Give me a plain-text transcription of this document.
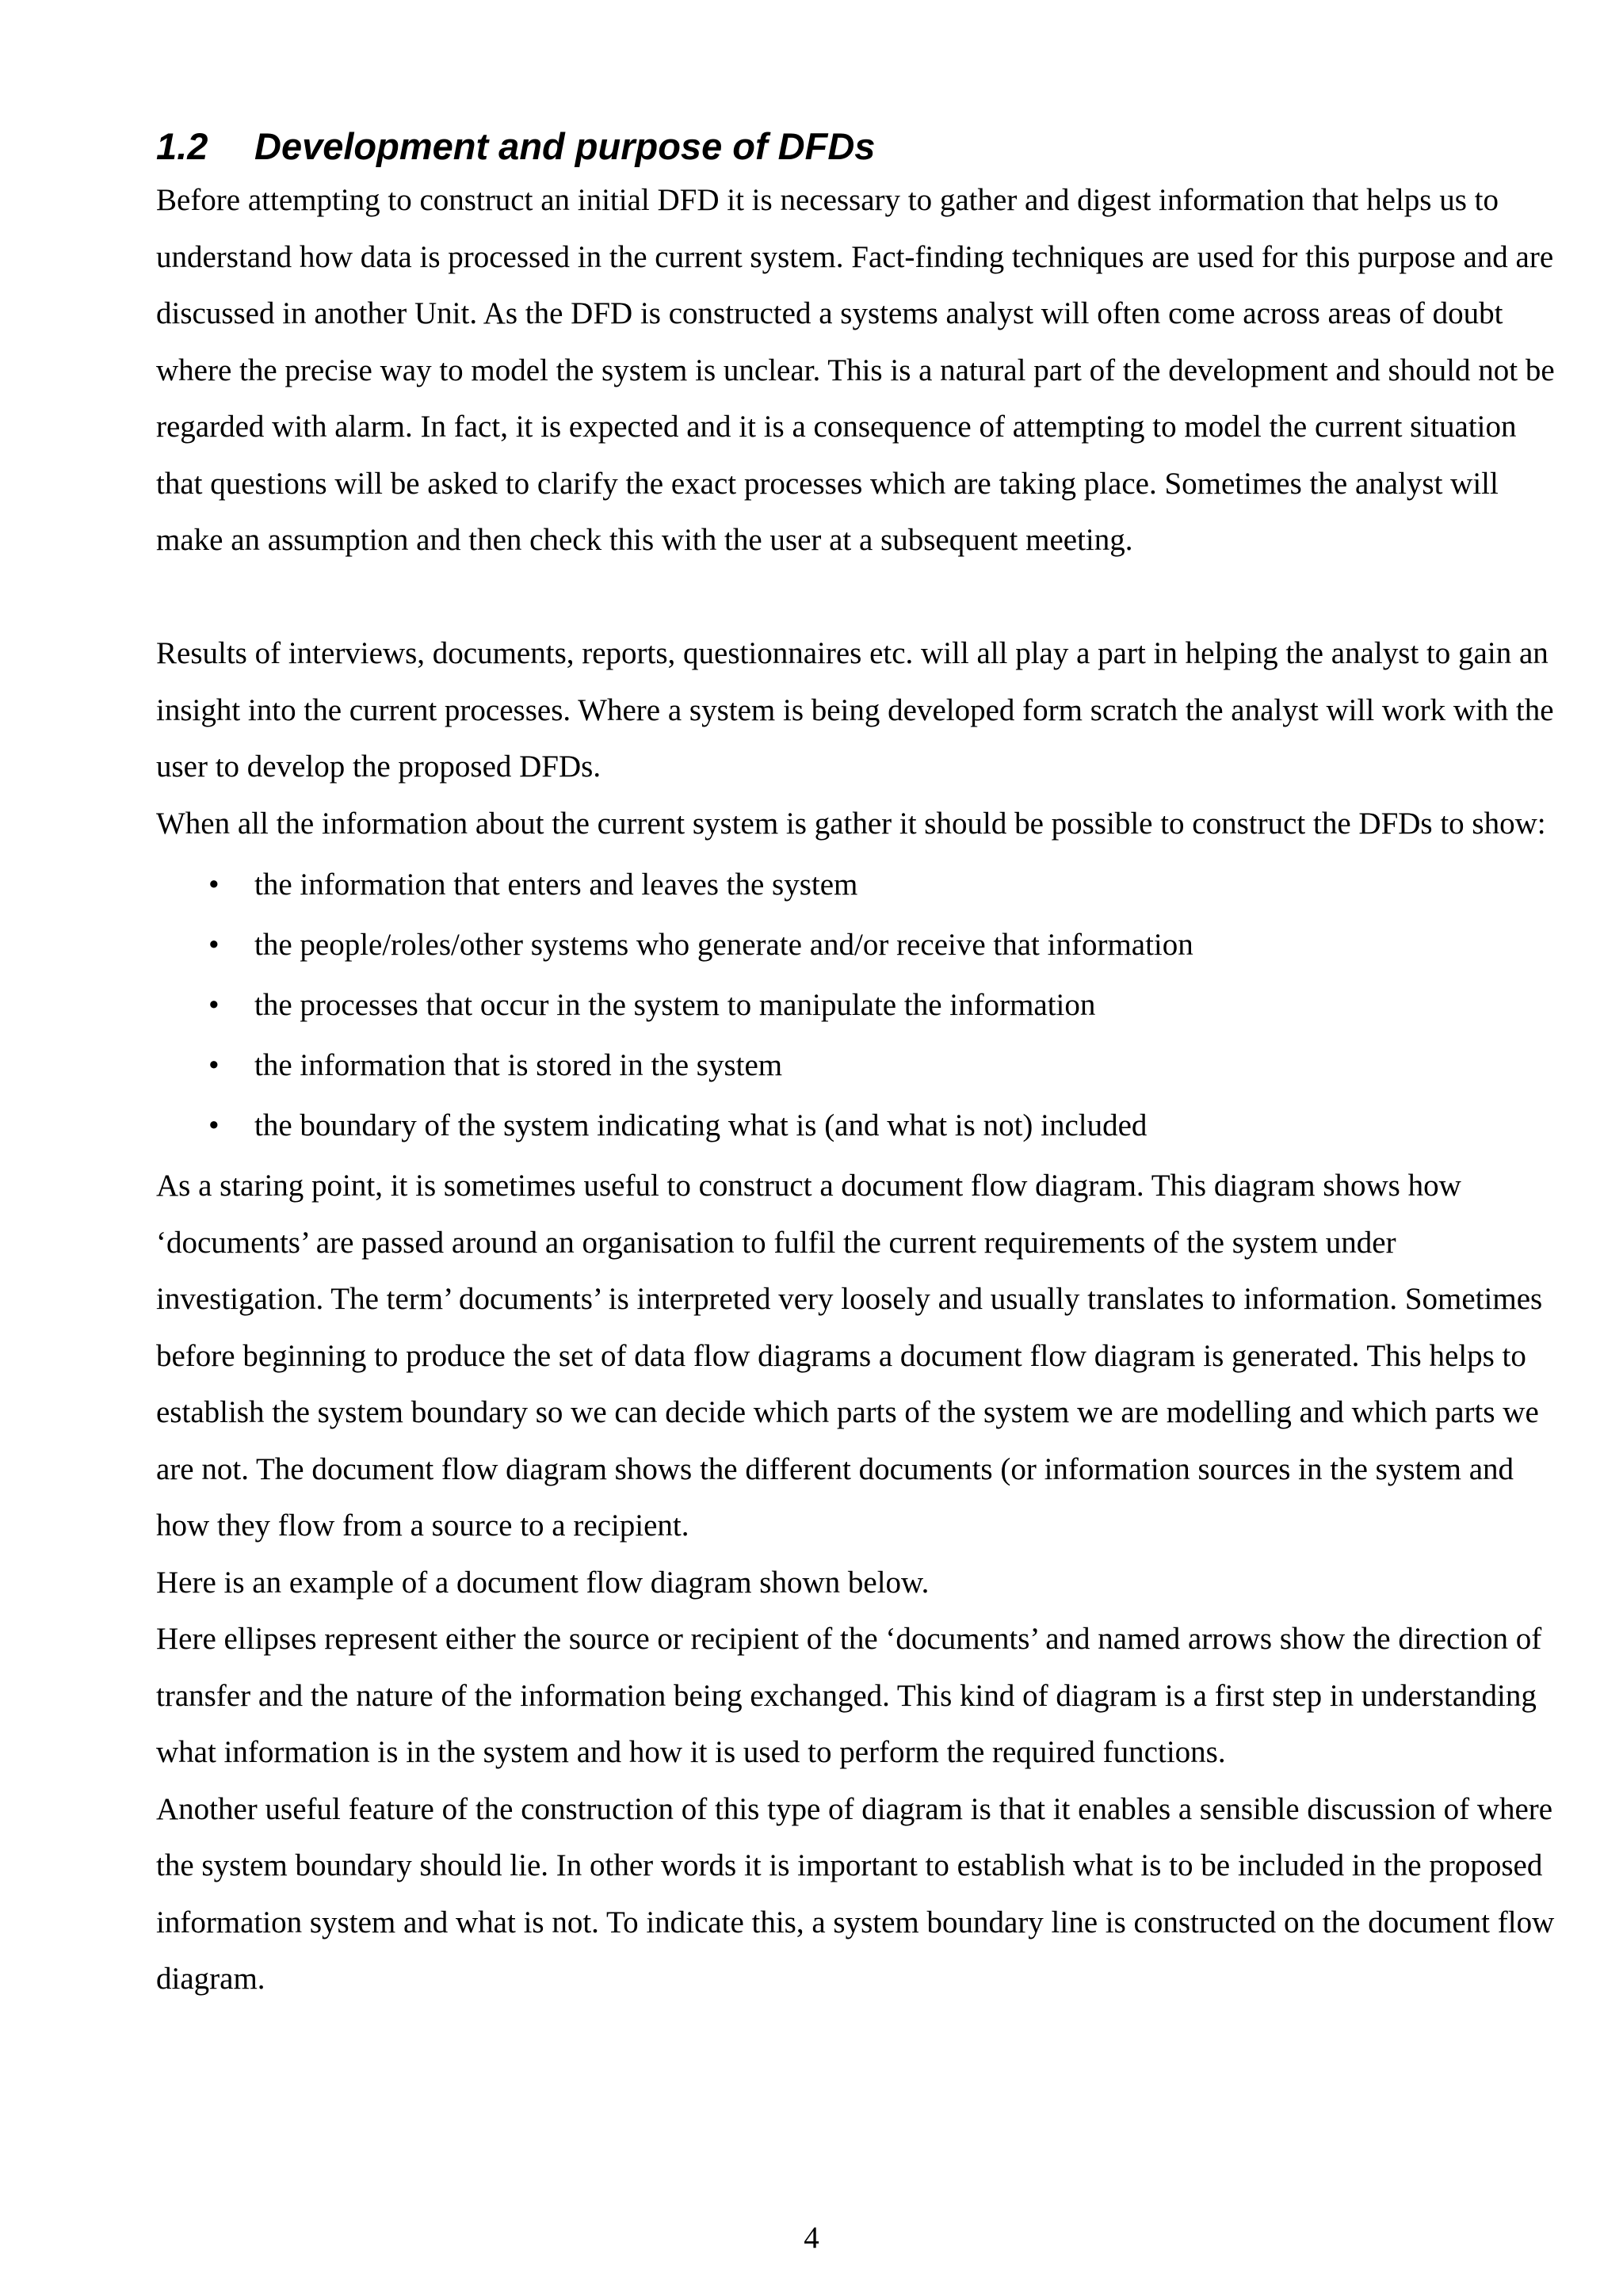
1.2 Development and purpose of DFDs

Before attempting to construct an initial DFD it is necessary to gather and digest information that helps us to understand how data is processed in the current system. Fact-finding techniques are used for this purpose and are discussed in another Unit. As the DFD is constructed a systems analyst will often come across areas of doubt where the precise way to model the system is unclear. This is a natural part of the development and should not be regarded with alarm. In fact, it is expected and it is a consequence of attempting to model the current situation that questions will be asked to clarify the exact processes which are taking place. Sometimes the analyst will make an assumption and then check this with the user at a subsequent meeting.

Results of interviews, documents, reports, questionnaires etc. will all play a part in helping the analyst to gain an insight into the current processes. Where a system is being developed form scratch the analyst will work with the user to develop the proposed DFDs.

When all the information about the current system is gather it should be possible to construct the DFDs to show:

• the information that enters and leaves the system
• the people/roles/other systems who generate and/or receive that information
• the processes that occur in the system to manipulate the information
• the information that is stored in the system
• the boundary of the system indicating what is (and what is not) included

As a staring point, it is sometimes useful to construct a document flow diagram. This diagram shows how ‘documents’ are passed around an organisation to fulfil the current requirements of the system under investigation. The term’ documents’ is interpreted very loosely and usually translates to information. Sometimes before beginning to produce the set of data flow diagrams a document flow diagram is generated. This helps to establish the system boundary so we can decide which parts of the system we are modelling and which parts we are not. The document flow diagram shows the different documents (or information sources in the system and how they flow from a source to a recipient.

Here is an example of a document flow diagram shown below.

Here ellipses represent either the source or recipient of the ‘documents’ and named arrows show the direction of transfer and the nature of the information being exchanged. This kind of diagram is a first step in understanding what information is in the system and how it is used to perform the required functions.

Another useful feature of the construction of this type of diagram is that it enables a sensible discussion of where the system boundary should lie. In other words it is important to establish what is to be included in the proposed information system and what is not. To indicate this, a system boundary line is constructed on the document flow diagram.

4
